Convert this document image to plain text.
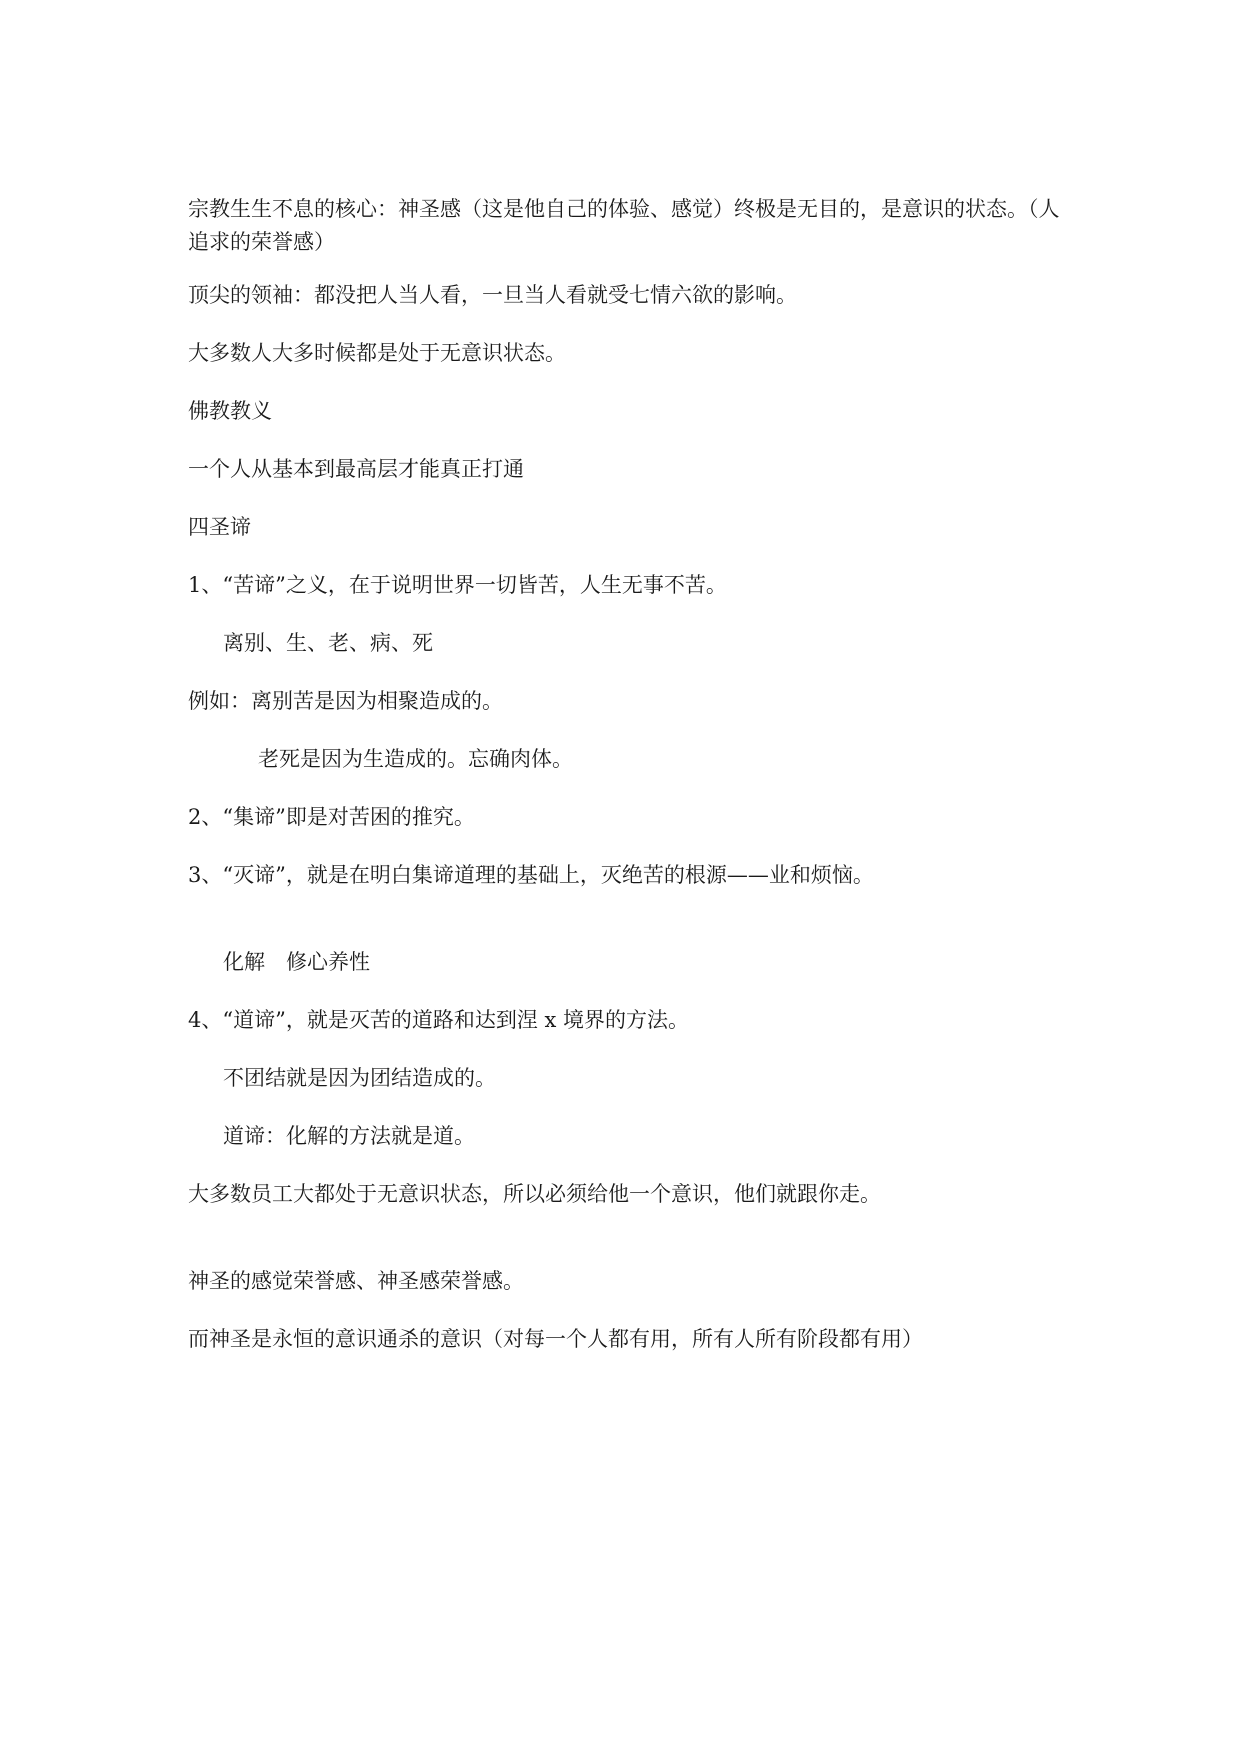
宗教生生不息的核心：神圣感（这是他自己的体验、感觉）终极是无目的，是意识的状态。（人追求的荣誉感）
顶尖的领袖：都没把人当人看，一旦当人看就受七情六欲的影响。
大多数人大多时候都是处于无意识状态。
佛教教义
一个人从基本到最高层才能真正打通
四圣谛
1、“苦谛”之义，在于说明世界一切皆苦，人生无事不苦。
离别、生、老、病、死
例如：离别苦是因为相聚造成的。
老死是因为生造成的。忘确肉体。
2、“集谛”即是对苦困的推究。
3、“灭谛”，就是在明白集谛道理的基础上，灭绝苦的根源——业和烦恼。
化解　修心养性
4、“道谛”，就是灭苦的道路和达到涅 x 境界的方法。
不团结就是因为团结造成的。
道谛：化解的方法就是道。
大多数员工大都处于无意识状态，所以必须给他一个意识，他们就跟你走。
神圣的感觉荣誉感、神圣感荣誉感。
而神圣是永恒的意识通杀的意识（对每一个人都有用，所有人所有阶段都有用）
